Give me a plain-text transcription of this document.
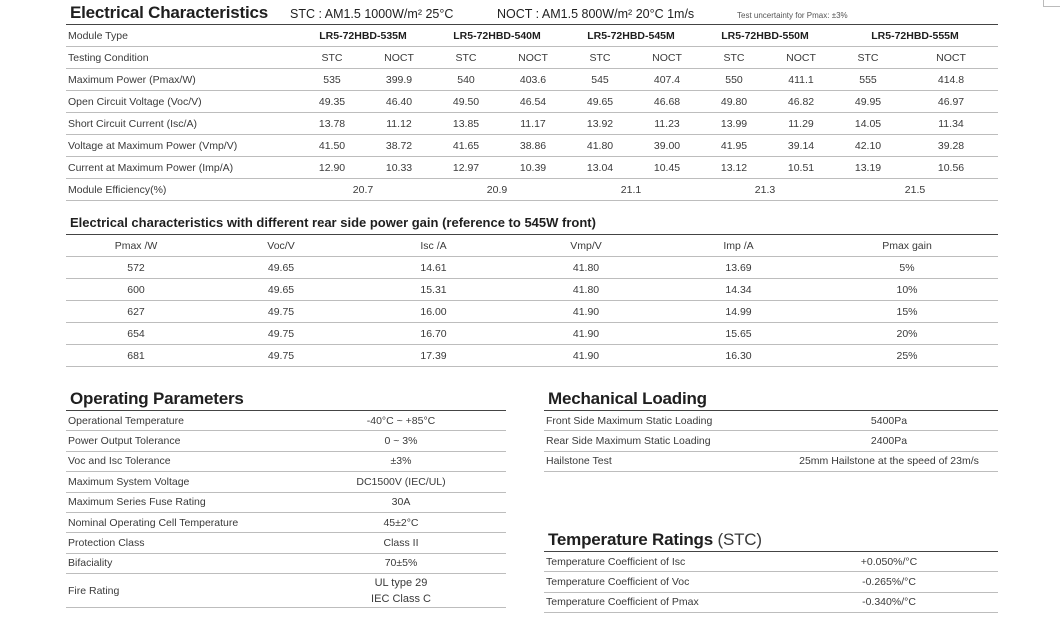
Electrical Characteristics STC : AM1.5 1000W/m² 25°C	NOCT : AM1.5 800W/m² 20°C 1m/s	Test uncertainty for Pmax: ±3%
Module Type	LR5-72HBD-535M		LR5-72HBD-540M		LR5-72HBD-545M		LR5-72HBD-550M		LR5-72HBD-555M	
Testing Condition	STC	NOCT	STC	NOCT	STC	NOCT	STC	NOCT	STC	NOCT
Maximum Power (Pmax/W)	535	399.9	540	403.6	545	407.4	550	411.1	555	414.8
Open Circuit Voltage (Voc/V)	49.35	46.40	49.50	46.54	49.65	46.68	49.80	46.82	49.95	46.97
Short Circuit Current (Isc/A)	13.78	11.12	13.85	11.17	13.92	11.23	13.99	11.29	14.05	11.34
Voltage at Maximum Power (Vmp/V)	41.50	38.72	41.65	38.86	41.80	39.00	41.95	39.14	42.10	39.28
Current at Maximum Power (Imp/A)	12.90	10.33	12.97	10.39	13.04	10.45	13.12	10.51	13.19	10.56
Module Efficiency(%)	20.7		20.9		21.1		21.3		21.5	
Electrical characteristics with different rear side power gain (reference to 545W front)
Pmax /W	Voc/V	Isc /A	Vmp/V	Imp /A	Pmax gain
572	49.65	14.61	41.80	13.69	5%
600	49.65	15.31	41.80	14.34	10%
627	49.75	16.00	41.90	14.99	15%
654	49.75	16.70	41.90	15.65	20%
681	49.75	17.39	41.90	16.30	25%
Operating Parameters
Operational Temperature	-40°C ~ +85°C
Power Output Tolerance	0 ~ 3%
Voc and Isc Tolerance	±3%
Maximum System Voltage	DC1500V (IEC/UL)
Maximum Series Fuse Rating	30A
Nominal Operating Cell Temperature	45±2°C
Protection Class	Class II
Bifaciality	70±5%
Fire Rating	UL type 29
IEC Class C
Mechanical Loading
Front Side Maximum Static Loading	5400Pa
Rear Side Maximum Static Loading	2400Pa
Hailstone Test	25mm Hailstone at the speed of 23m/s
Temperature Ratings (STC)
Temperature Coefficient of Isc	+0.050%/°C
Temperature Coefficient of Voc	-0.265%/°C
Temperature Coefficient of Pmax	-0.340%/°C
